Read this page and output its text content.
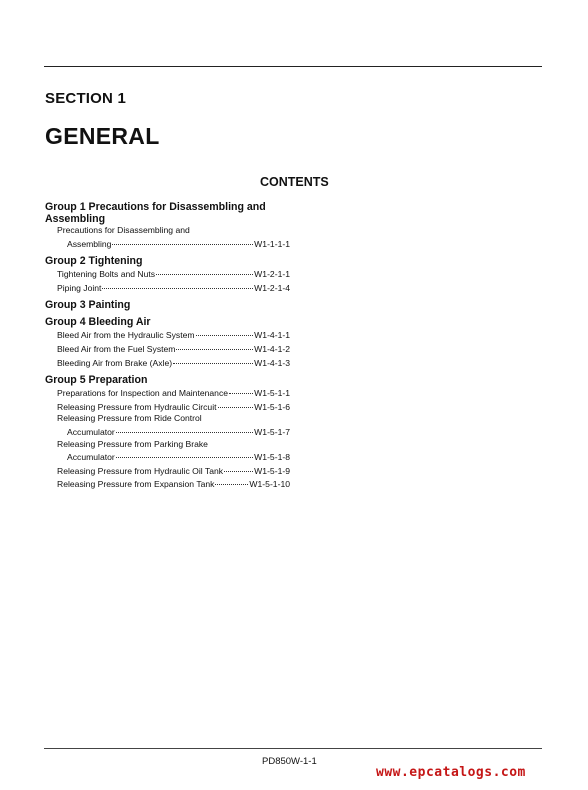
SECTION 1
GENERAL
CONTENTS
Group 1 Precautions for Disassembling and
Assembling
Precautions for Disassembling and
Assembling	W1-1-1-1
Group 2 Tightening
Tightening Bolts and Nuts	W1-2-1-1
Piping Joint	W1-2-1-4
Group 3 Painting
Group 4 Bleeding Air
Bleed Air from the Hydraulic System	W1-4-1-1
Bleed Air from the Fuel System	W1-4-1-2
Bleeding Air from Brake (Axle)	W1-4-1-3
Group 5 Preparation
Preparations for Inspection and Maintenance	W1-5-1-1
Releasing Pressure from Hydraulic Circuit	W1-5-1-6
Releasing Pressure from Ride Control
Accumulator	W1-5-1-7
Releasing Pressure from Parking Brake
Accumulator	W1-5-1-8
Releasing Pressure from Hydraulic Oil Tank	W1-5-1-9
Releasing Pressure from Expansion Tank	W1-5-1-10
PD850W-1-1
www.epcatalogs.com
